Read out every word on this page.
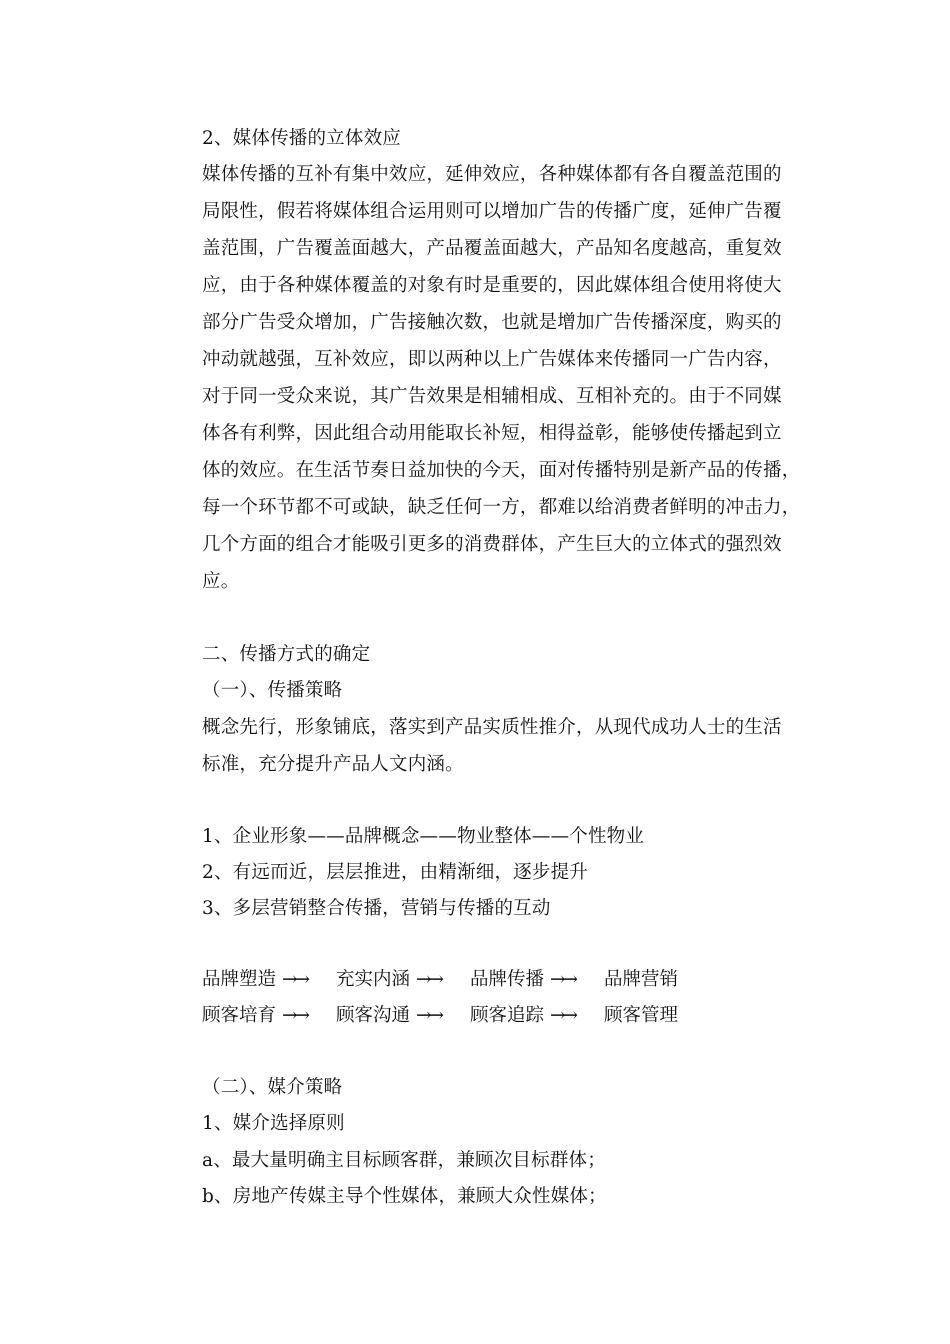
2、媒体传播的立体效应
媒体传播的互补有集中效应，延伸效应，各种媒体都有各自覆盖范围的
局限性，假若将媒体组合运用则可以增加广告的传播广度，延伸广告覆
盖范围，广告覆盖面越大，产品覆盖面越大，产品知名度越高，重复效
应，由于各种媒体覆盖的对象有时是重要的，因此媒体组合使用将使大
部分广告受众增加，广告接触次数，也就是增加广告传播深度，购买的
冲动就越强，互补效应，即以两种以上广告媒体来传播同一广告内容，
对于同一受众来说，其广告效果是相辅相成、互相补充的。由于不同媒
体各有利弊，因此组合动用能取长补短，相得益彰，能够使传播起到立
体的效应。在生活节奏日益加快的今天，面对传播特别是新产品的传播，
每一个环节都不可或缺，缺乏任何一方，都难以给消费者鲜明的冲击力，
几个方面的组合才能吸引更多的消费群体，产生巨大的立体式的强烈效
应。
二、传播方式的确定
（一）、传播策略
概念先行，形象铺底，落实到产品实质性推介，从现代成功人士的生活
标准，充分提升产品人文内涵。
1、企业形象——品牌概念——物业整体——个性物业
2、有远而近，层层推进，由精渐细，逐步提升
3、多层营销整合传播，营销与传播的互动
品牌塑造 →→ 充实内涵 →→ 品牌传播 →→ 品牌营销
顾客培育 →→ 顾客沟通 →→ 顾客追踪 →→ 顾客管理
（二）、媒介策略
1、媒介选择原则
a、最大量明确主目标顾客群，兼顾次目标群体；
b、房地产传媒主导个性媒体，兼顾大众性媒体；
